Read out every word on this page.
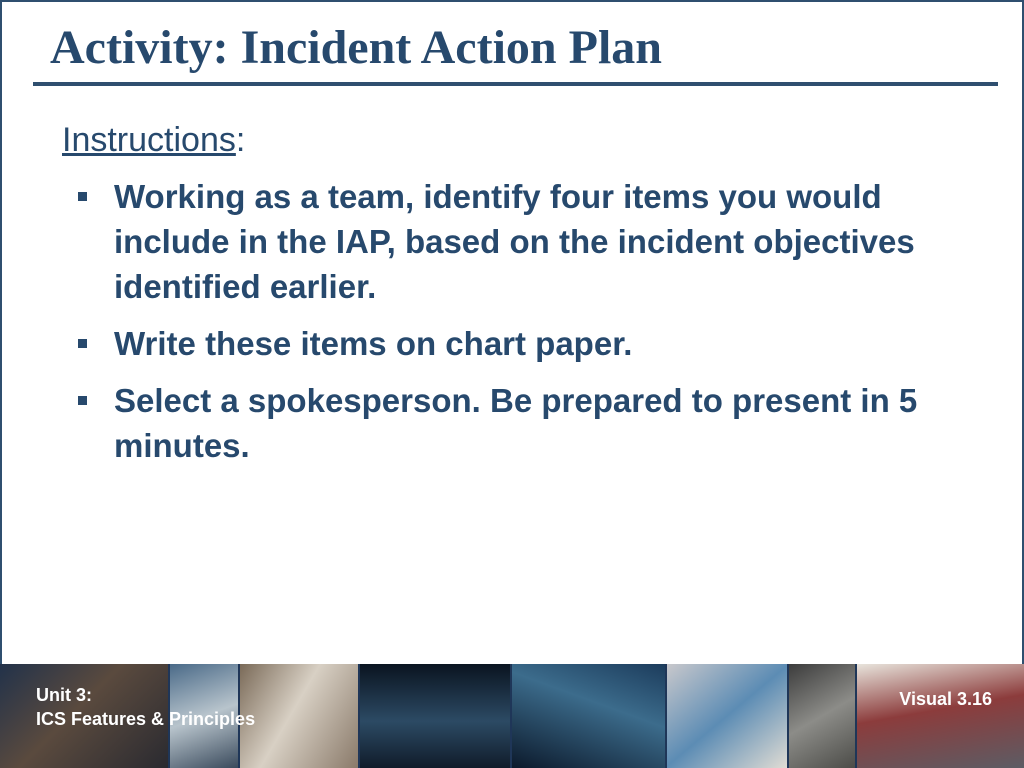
Activity: Incident Action Plan

Instructions:

Working as a team, identify four items you would include in the IAP, based on the incident objectives identified earlier.
Write these items on chart paper.
Select a spokesperson. Be prepared to present in 5 minutes.
Unit 3:
ICS Features & Principles
Visual 3.16
